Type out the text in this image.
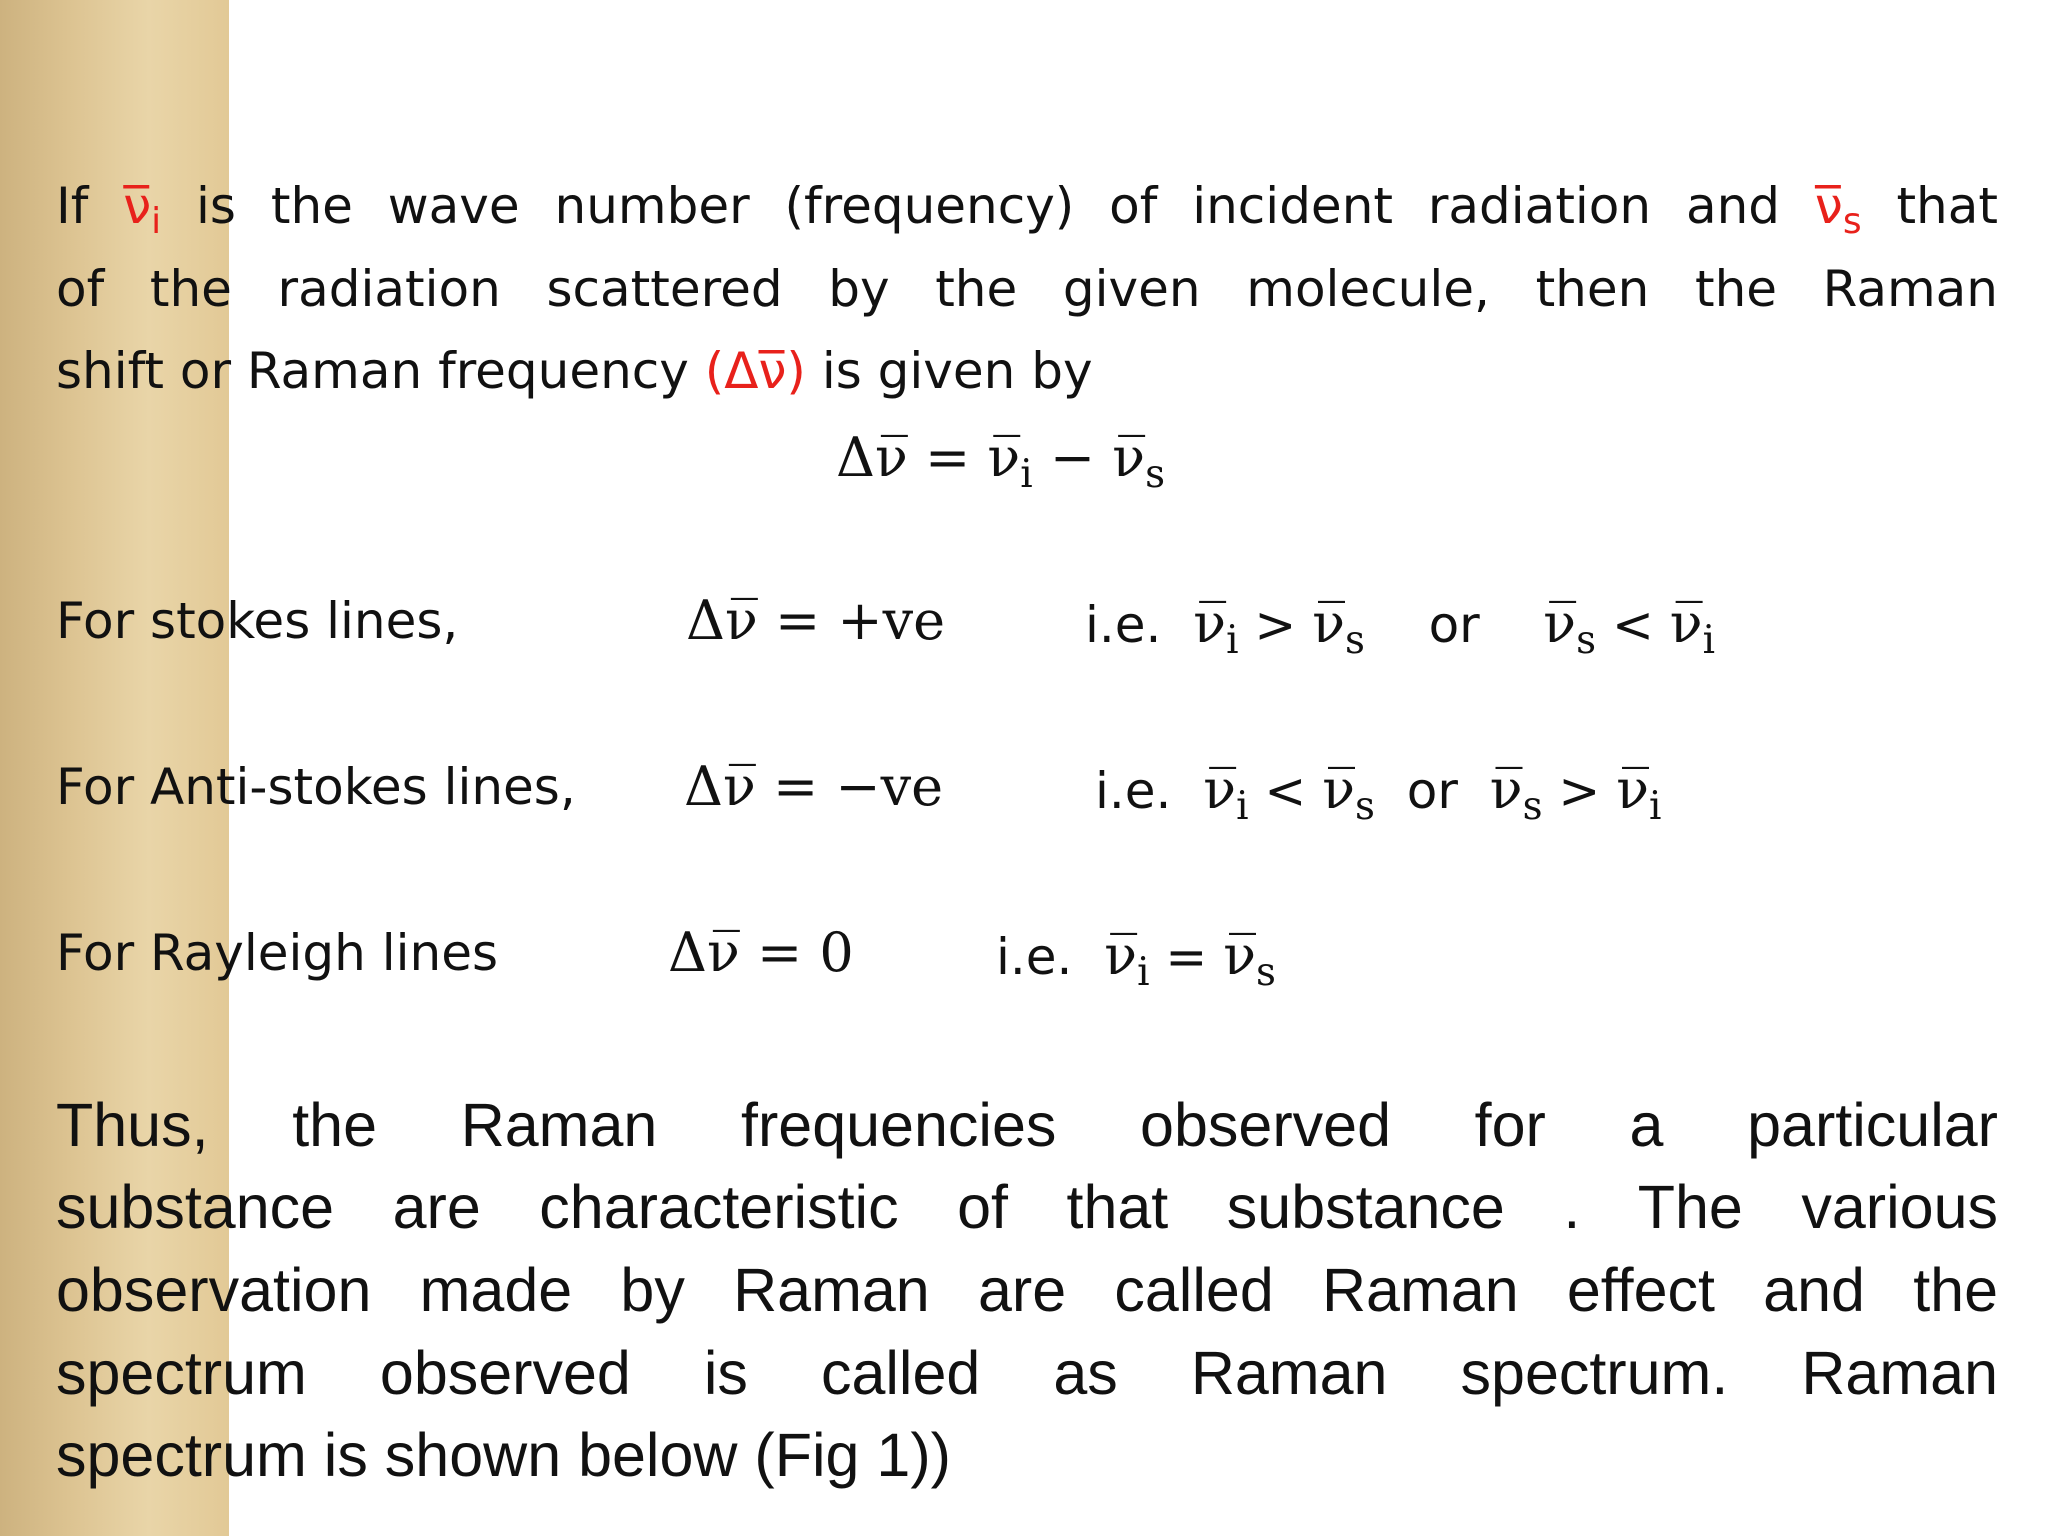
If $\nu̅_i$ is the wave number (frequency) of incident radiation and $\nu̅_s$ that
of the radiation scattered by the given molecule, then the Raman
shift or Raman frequency (Δν̅) is given by
Δν̅ = $\nu̅_i$ − $\nu̅_s$
For stokes lines,	Δν̅ = +ve	i.e. $\nu̅_i$ > $\nu̅_s$ or $\nu̅_s$ < $\nu̅_i$
For Anti-stokes lines, Δν̅ = −ve	i.e. $\nu̅_i$ < $\nu̅_s$ or $\nu̅_s$ > $\nu̅_i$
For Rayleigh lines	Δν̅ = 0	i.e. $\nu̅_i$ = $\nu̅_s$
Thus, the Raman frequencies observed for a particular
substance are characteristic of that substance . The various
observation made by Raman are called Raman effect and the
spectrum observed is called as Raman spectrum. Raman
spectrum is shown below (Fig 1))
